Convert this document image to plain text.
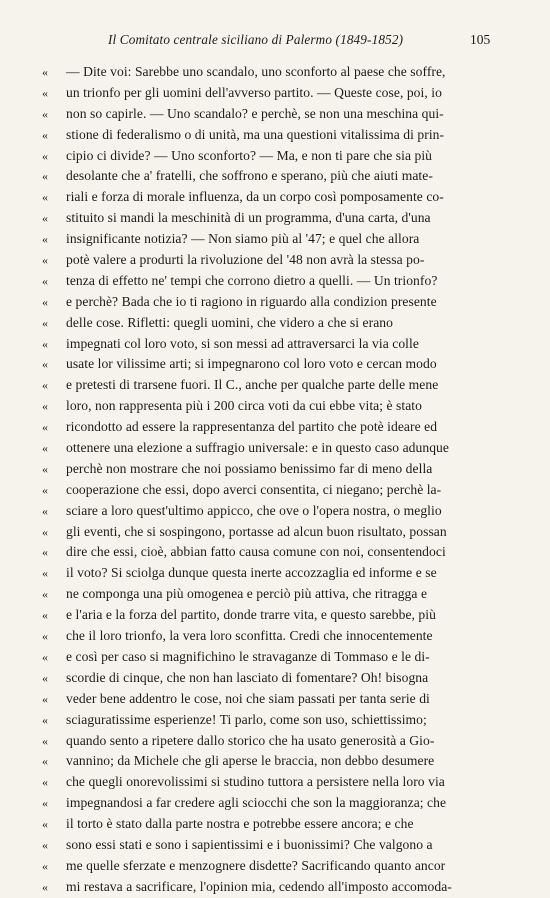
Il Comitato centrale siciliano di Palermo (1849-1852)	105
«	— Dite voi: Sarebbe uno scandalo, uno sconforto al paese che soffre,
«	un trionfo per gli uomini dell'avverso partito. — Queste cose, poi, io
«	non so capirle. — Uno scandalo? e perchè, se non una meschina qui-
«	stione di federalismo o di unità, ma una questioni vitalissima di prin-
«	cipio ci divide? — Uno sconforto? — Ma, e non ti pare che sia più
«	desolante che a' fratelli, che soffrono e sperano, più che aiuti mate-
«	riali e forza di morale influenza, da un corpo così pomposamente co-
«	stituito si mandi la meschinità di un programma, d'una carta, d'una
«	insignificante notizia? — Non siamo più al '47; e quel che allora
«	potè valere a produrti la rivoluzione del '48 non avrà la stessa po-
«	tenza di effetto ne' tempi che corrono dietro a quelli. — Un trionfo?
«	e perchè? Bada che io ti ragiono in riguardo alla condizion presente
«	delle cose. Rifletti: quegli uomini, che videro a che si erano
«	impegnati col loro voto, si son messi ad attraversarci la via colle
«	usate lor vilissime arti; si impegnarono col loro voto e cercan modo
«	e pretesti di trarsene fuori. Il C., anche per qualche parte delle mene
«	loro, non rappresenta più i 200 circa voti da cui ebbe vita; è stato
«	ricondotto ad essere la rappresentanza del partito che potè ideare ed
«	ottenere una elezione a suffragio universale: e in questo caso adunque
«	perchè non mostrare che noi possiamo benissimo far di meno della
«	cooperazione che essi, dopo averci consentita, ci niegano; perchè la-
«	sciare a loro quest'ultimo appicco, che ove o l'opera nostra, o meglio
«	gli eventi, che si sospingono, portasse ad alcun buon risultato, possan
«	dire che essi, cioè, abbian fatto causa comune con noi, consentendoci
«	il voto? Si sciolga dunque questa inerte accozzaglia ed informe e se
«	ne componga una più omogenea e perciò più attiva, che ritragga e
«	e l'aria e la forza del partito, donde trarre vita, e questo sarebbe, più
«	che il loro trionfo, la vera loro sconfitta. Credi che innocentemente
«	e così per caso si magnifichino le stravaganze di Tommaso e le di-
«	scordie di cinque, che non han lasciato di fomentare? Oh! bisogna
«	veder bene addentro le cose, noi che siam passati per tanta serie di
«	sciaguratissime esperienze! Ti parlo, come son uso, schiettissimo;
«	quando sento a ripetere dallo storico che ha usato generosità a Gio-
«	vannino; da Michele che gli aperse le braccia, non debbo desumere
«	che quegli onorevolissimi si studino tuttora a persistere nella loro via
«	impegnandosi a far credere agli sciocchi che son la maggioranza; che
«	il torto è stato dalla parte nostra e potrebbe essere ancora; e che
«	sono essi stati e sono i sapientissimi e i buonissimi? Che valgono a
«	me quelle sferzate e menzognere disdette? Sacrificando quanto ancor
«	mi restava a sacrificare, l'opinion mia, cedendo all'imposto accomoda-
